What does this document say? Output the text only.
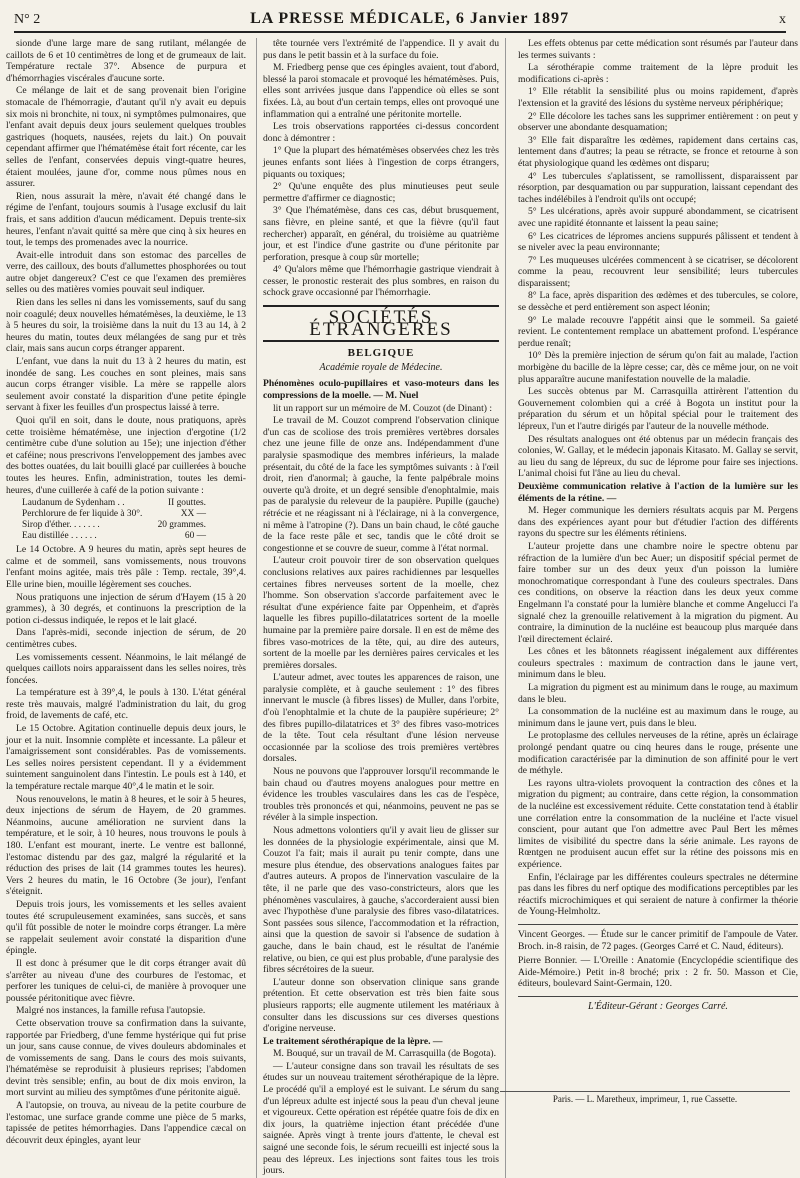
N° 2	LA PRESSE MÉDICALE, 6 Janvier 1897	x

sionde d'une large mare de sang rutilant, mélangée de caillots de 6 et 10 centimètres de long et de grumeaux de lait. Température rectale 37°. Absence de purpura et d'hémorrhagies viscérales d'aucune sorte.

Ce mélange de lait et de sang provenait bien l'origine stomacale de l'hémorragie, d'autant qu'il n'y avait eu depuis six mois ni bronchite, ni toux, ni symptômes pulmonaires, que l'enfant avait depuis deux jours seulement quelques troubles gastriques (hoquets, nausées, rejets du lait.) On pouvait cependant affirmer que l'hématémèse était fort récente, car les selles de l'enfant, conservées depuis vingt-quatre heures, étaient moulées, jaune d'or, comme nous pûmes nous en assurer.

Rien, nous assurait la mère, n'avait été changé dans le régime de l'enfant, toujours soumis à l'usage exclusif du lait frais, et sans addition d'aucun médicament. Depuis trente-six heures, l'enfant n'avait quitté sa mère que cinq à six heures en tout, le temps des promenades avec la nourrice.

Avait-elle introduit dans son estomac des parcelles de verre, des cailloux, des bouts d'allumettes phosphorées ou tout autre objet dangereux? C'est ce que l'examen des premières selles ou des matières vomies pouvait seul indiquer.

Rien dans les selles ni dans les vomissements, sauf du sang noir coagulé; deux nouvelles hématémèses, la deuxième, le 13 à 5 heures du soir, la troisième dans la nuit du 13 au 14, à 2 heures du matin, toutes deux mélangées de sang pur et très clair, mais sans aucun corps étranger apparent.

L'enfant, vue dans la nuit du 13 à 2 heures du matin, est inondée de sang. Les couches en sont pleines, mais sans aucun corps étranger visible. La mère se rappelle alors seulement avoir constaté la disparition d'une petite épingle servant à fixer les feuilles d'un prospectus laissé à terre.

Quoi qu'il en soit, dans le doute, nous pratiquons, après cette troisième hématémèse, une injection d'ergotine (1/2 centimètre cube d'une solution au 15e); une injection d'éther et caféine; nous prescrivons l'enveloppement des jambes avec des bottes ouatées, du lait bouilli glacé par cuillerées à bouche toutes les heures. Enfin, administration, toutes les demi-heures, d'une cuillerée à café de la potion suivante :

Laudanum de Sydenham . .	II gouttes.
Perchlorure de fer liquide à 30°.	XX —
Sirop d'éther. . . . . . .	20 grammes.
Eau distillée . . . . . .	60 —

Le 14 Octobre. A 9 heures du matin, après sept heures de calme et de sommeil, sans vomissements, nous trouvons l'enfant moins agitée, mais très pâle : Temp. rectale, 39°,4. Elle urine bien, mouille légèrement ses couches.

Nous pratiquons une injection de sérum d'Hayem (15 à 20 grammes), à 30 degrés, et continuons la prescription de la potion ci-dessus indiquée, le repos et le lait glacé.

Dans l'après-midi, seconde injection de sérum, de 20 centimètres cubes.

Les vomissements cessent. Néanmoins, le lait mélangé de quelques caillots noirs apparaissent dans les selles noires, très foncées.

La température est à 39°,4, le pouls à 130. L'état général reste très mauvais, malgré l'administration du lait, du grog froid, de lavements de café, etc.

Le 15 Octobre. Agitation continuelle depuis deux jours, le jour et la nuit. Insomnie complète et incessante. La pâleur et l'amaigrissement sont considérables. Pas de vomissements. Les selles noires persistent cependant. Il y a évidemment suintement sanguinolent dans l'intestin. Le pouls est à 140, et la température rectale marque 40°,4 le matin et le soir.

Nous renouvelons, le matin à 8 heures, et le soir à 5 heures, deux injections de sérum de Hayem, de 20 grammes. Néanmoins, aucune amélioration ne survient dans la température, et le soir, à 10 heures, nous trouvons le pouls à 180. L'enfant est mourant, inerte. Le ventre est ballonné, l'estomac distendu par des gaz, malgré la régularité et la réduction des prises de lait (14 grammes toutes les heures). Vers 2 heures du matin, le 16 Octobre (3e jour), l'enfant s'éteignit.

Depuis trois jours, les vomissements et les selles avaient toutes été scrupuleusement examinées, sans succès, et sans qu'il fût possible de noter le moindre corps étranger. La mère se rappelait seulement avoir constaté la disparition d'une épingle.

Il est donc à présumer que le dit corps étranger avait dû s'arrêter au niveau d'une des courbures de l'estomac, et perforer les tuniques de celui-ci, de manière à provoquer une poussée péritonitique avec fièvre.

Malgré nos instances, la famille refusa l'autopsie.

Cette observation trouve sa confirmation dans la suivante, rapportée par Friedberg, d'une femme hystérique qui fut prise un jour, sans cause connue, de vives douleurs abdominales et de vomissements de sang. Dans le cours des mois suivants, l'hématémèse se reproduisit à plusieurs reprises; l'abdomen devint très sensible; enfin, au bout de dix mois environ, la mort survint au milieu des symptômes d'une péritonite aiguë.

A l'autopsie, on trouva, au niveau de la petite courbure de l'estomac, une surface grande comme une pièce de 5 marks, tapissée de petites hémorrhagies. Dans l'appendice cæcal on découvrit deux épingles, ayant leur

tête tournée vers l'extrémité de l'appendice. Il y avait du pus dans le petit bassin et à la surface du foie.

M. Friedberg pense que ces épingles avaient, tout d'abord, blessé la paroi stomacale et provoqué les hématémèses. Puis, elles sont arrivées jusque dans l'appendice où elles se sont fixées. Là, au bout d'un certain temps, elles ont provoqué une inflammation qui a entraîné une péritonite mortelle.

Les trois observations rapportées ci-dessus concordent donc à démontrer :

1° Que la plupart des hématémèses observées chez les très jeunes enfants sont liées à l'ingestion de corps étrangers, piquants ou toxiques;

2° Qu'une enquête des plus minutieuses peut seule permettre d'affirmer ce diagnostic;

3° Que l'hématémèse, dans ces cas, début brusquement, sans fièvre, en pleine santé, et que la fièvre (qu'il faut rechercher) apparaît, en général, du troisième au quatrième jour, et est l'indice d'une gastrite ou d'une péritonite par perforation, presque à coup sûr mortelle;

4° Qu'alors même que l'hémorrhagie gastrique viendrait à cesser, le pronostic resterait des plus sombres, en raison du schock grave occasionné par l'hémorrhagie.

SOCIÉTÉS ÉTRANGÈRES
BELGIQUE
Académie royale de Médecine.

Phénomènes oculo-pupillaires et vaso-moteurs dans les compressions de la moelle. — M. Nuel

lit un rapport sur un mémoire de M. Couzot (de Dinant) :

Le travail de M. Couzot comprend l'observation clinique d'un cas de scoliose des trois premières vertèbres dorsales chez une jeune fille de onze ans. Indépendamment d'une paralysie spasmodique des membres inférieurs, la malade présentait, du côté de la face les symptômes suivants : à l'œil droit, rien d'anormal; à gauche, la fente palpébrale moins ouverte qu'à droite, et un degré sensible d'enophtalmie, mais pas de paralysie du releveur de la paupière. Pupille (gauche) rétrécie et ne réagissant ni à l'éclairage, ni à la convergence, ni même à l'atropine (?). Dans un bain chaud, le côté gauche de la face reste pâle et sec, tandis que le côté droit se congestionne et se couvre de sueur, comme à l'état normal.

L'auteur croit pouvoir tirer de son observation quelques conclusions relatives aux paires rachidiennes par lesquelles certaines fibres nerveuses sortent de la moelle, chez l'homme. Son observation s'accorde parfaitement avec le résultat d'une expérience faite par Oppenheim, et d'après laquelle les fibres pupillo-dilatatrices sortent de la moelle humaine par la première paire dorsale. Il en est de même des fibres vaso-motrices de la tête, qui, au dire des auteurs, sortent de la moelle par les dernières paires cervicales et les premières dorsales.

L'auteur admet, avec toutes les apparences de raison, une paralysie complète, et à gauche seulement : 1° des fibres innervant le muscle (à fibres lisses) de Muller, dans l'orbite, d'où l'enophtalmie et la chute de la paupière supérieure; 2° des fibres pupillo-dilatatrices et 3° des fibres vaso-motrices de la tête. Tout cela résultant d'une lésion nerveuse occasionnée par la scoliose des trois premières vertèbres dorsales.

Nous ne pouvons que l'approuver lorsqu'il recommande le bain chaud ou d'autres moyens analogues pour mettre en évidence les troubles vasculaires dans les cas de l'espèce, troubles très prononcés et qui, néanmoins, peuvent ne pas se révéler à la simple inspection.

Nous admettons volontiers qu'il y avait lieu de glisser sur les données de la physiologie expérimentale, ainsi que M. Couzot l'a fait; mais il aurait pu tenir compte, dans une mesure plus étendue, des observations analogues faites par d'autres auteurs. A propos de l'innervation vasculaire de la tête, il ne parle que des vaso-constricteurs, alors que les phénomènes vasculaires, à gauche, s'accorderaient aussi bien avec l'hypothèse d'une paralysie des fibres vaso-dilatatrices. Sont passées sous silence, l'accommodation et la réfraction, ainsi que la question de savoir si l'absence de sudation à gauche, dans le bain chaud, est le résultat de l'anémie relative, ou bien, ce qui est plus probable, d'une paralysie des fibres sécrétoires de la sueur.

L'auteur donne son observation clinique sans grande prétention. Et cette observation est très bien faite sous plusieurs rapports; elle augmente utilement les matériaux à consulter dans les discussions sur ces diverses questions d'origine nerveuse.

Le traitement sérothérapique de la lèpre. —

M. Bouqué, sur un travail de M. Carrasquilla (de Bogota).

— L'auteur consigne dans son travail les résultats de ses études sur un nouveau traitement sérothérapique de la lèpre. Le procédé qu'il a employé est le suivant. Le sérum du sang d'un lépreux adulte est injecté sous la peau d'un cheval jeune et vigoureux. Cette opération est répétée quatre fois de dix en dix jours, la quatrième injection étant précédée d'une saignée. Après vingt à trente jours d'attente, le cheval est saigné une seconde fois, le sérum recueilli est injecté sous la peau des lépreux. Les injections sont faites tous les trois jours.

Les effets obtenus par cette médication sont résumés par l'auteur dans les termes suivants :

La sérothérapie comme traitement de la lèpre produit les modifications ci-après :

1° Elle rétablit la sensibilité plus ou moins rapidement, d'après l'extension et la gravité des lésions du système nerveux périphérique;

2° Elle décolore les taches sans les supprimer entièrement : on peut y observer une abondante desquamation;

3° Elle fait disparaître les œdèmes, rapidement dans certains cas, lentement dans d'autres; la peau se rétracte, se fronce et retourne à son état physiologique quand les œdèmes ont disparu;

4° Les tubercules s'aplatissent, se ramollissent, disparaissent par résorption, par desquamation ou par suppuration, laissant cependant des taches indélébiles à l'endroit qu'ils ont occupé;

5° Les ulcérations, après avoir suppuré abondamment, se cicatrisent avec une rapidité étonnante et laissent la peau saine;

6° Les cicatrices de lépromes anciens suppurés pâlissent et tendent à se niveler avec la peau environnante;

7° Les muqueuses ulcérées commencent à se cicatriser, se décolorent comme la peau, recouvrent leur sensibilité; leurs tubercules disparaissent;

8° La face, après disparition des œdèmes et des tubercules, se colore, se dessèche et perd entièrement son aspect léonin;

9° Le malade recouvre l'appétit ainsi que le sommeil. Sa gaieté revient. Le contentement remplace un abattement profond. L'espérance perdue renaît;

10° Dès la première injection de sérum qu'on fait au malade, l'action morbigène du bacille de la lèpre cesse; car, dès ce même jour, on ne voit plus apparaître aucune manifestation nouvelle de la maladie.

Les succès obtenus par M. Carrasquilla attirèrent l'attention du Gouvernement colombien qui a créé à Bogota un institut pour la préparation du sérum et un hôpital spécial pour le traitement des lépreux, l'un et l'autre dirigés par l'auteur de la nouvelle méthode.

Des résultats analogues ont été obtenus par un médecin français des colonies, W. Gallay, et le médecin japonais Kitasato. M. Gallay se servit, au lieu du sang de lépreux, du suc de léprome pour faire ses injections. L'animal choisi fut l'âne au lieu du cheval.

Deuxième communication relative à l'action de la lumière sur les éléments de la rétine. —

M. Heger communique les derniers résultats acquis par M. Pergens dans des expériences ayant pour but d'étudier l'action des différents rayons du spectre sur les éléments rétiniens.

L'auteur projette dans une chambre noire le spectre obtenu par réfraction de la lumière d'un bec Auer; un dispositif spécial permet de faire tomber sur un des deux yeux d'un poisson la lumière monochromatique correspondant à l'une des couleurs spectrales. Dans ces conditions, on observe la réaction dans les deux yeux comme Engelmann l'a constaté pour la lumière blanche et comme Angelucci l'a signalé chez la grenouille relativement à la migration du pigment. Au contraire, la diminution de la nucléine est beaucoup plus marquée dans l'œil directement éclairé.

Les cônes et les bâtonnets réagissent inégalement aux différentes couleurs spectrales : maximum de contraction dans le jaune vert, minimum dans le bleu.

La migration du pigment est au minimum dans le rouge, au maximum dans le bleu.

La consommation de la nucléine est au maximum dans le rouge, au minimum dans le jaune vert, puis dans le bleu.

Le protoplasme des cellules nerveuses de la rétine, après un éclairage prolongé pendant quatre ou cinq heures dans le rouge, présente une modification caractérisée par la diminution de son affinité pour le vert de méthyle.

Les rayons ultra-violets provoquent la contraction des cônes et la migration du pigment; au contraire, dans cette région, la consommation de la nucléine est excessivement réduite. Cette constatation tend à établir une corrélation entre la consommation de la nucléine et l'acte visuel conscient, pour autant que l'on admettre avec Paul Bert les mêmes limites de visibilité du spectre dans la série animale. Les rayons de Rœntgen ne produisent aucun effet sur la rétine des poissons mis en expérience.

Enfin, l'éclairage par les différentes couleurs spectrales ne détermine pas dans les fibres du nerf optique des modifications perceptibles par les réactifs microchimiques et qui seraient de nature à confirmer la théorie de Young-Helmholtz.

Vincent Georges. — Étude sur le cancer primitif de l'ampoule de Vater. Broch. in-8 raisin, de 72 pages. (Georges Carré et C. Naud, éditeurs).

Pierre Bonnier. — L'Oreille : Anatomie (Encyclopédie scientifique des Aide-Mémoire.) Petit in-8 broché; prix : 2 fr. 50. Masson et Cie, éditeurs, boulevard Saint-Germain, 120.

L'Éditeur-Gérant : Georges Carré.
Paris. — L. Maretheux, imprimeur, 1, rue Cassette.
